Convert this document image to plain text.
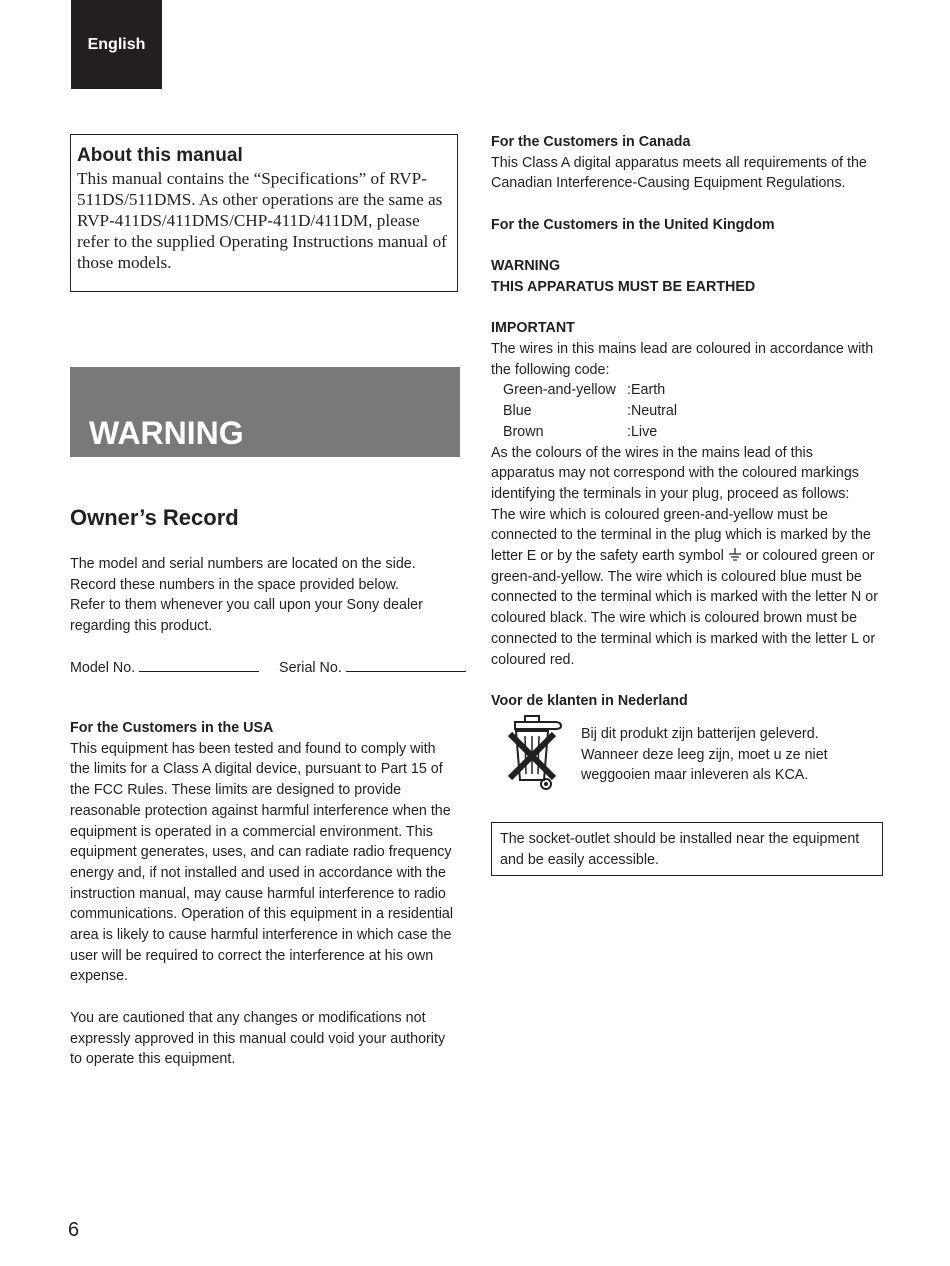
English

About this manual

This manual contains the “Specifications” of RVP-511DS/511DMS. As other operations are the same as RVP-411DS/411DMS/CHP-411D/411DM, please refer to the supplied Operating Instructions manual of those models.

WARNING
Owner’s Record
The model and serial numbers are located on the side.
Record these numbers in the space provided below.
Refer to them whenever you call upon your Sony dealer
regarding this product.
Model No.	Serial No.
For the Customers in the USA
This equipment has been tested and found to comply with
the limits for a Class A digital device, pursuant to Part 15 of
the FCC Rules. These limits are designed to provide
reasonable protection against harmful interference when the
equipment is operated in a commercial environment. This
equipment generates, uses, and can radiate radio frequency
energy and, if not installed and used in accordance with the
instruction manual, may cause harmful interference to radio
communications. Operation of this equipment in a residential
area is likely to cause harmful interference in which case the
user will be required to correct the interference at his own
expense.
You are cautioned that any changes or modifications not
expressly approved in this manual could void your authority
to operate this equipment.
For the Customers in Canada
This Class A digital apparatus meets all requirements of the
Canadian Interference-Causing Equipment Regulations.
For the Customers in the United Kingdom
WARNING
THIS APPARATUS MUST BE EARTHED
IMPORTANT
The wires in this mains lead are coloured in accordance with
the following code:
Green-and-yellow	:Earth
Blue	:Neutral
Brown	:Live
As the colours of the wires in the mains lead of this
apparatus may not correspond with the coloured markings
identifying the terminals in your plug, proceed as follows:
The wire which is coloured green-and-yellow must be
connected to the terminal in the plug which is marked by the
letter E or by the safety earth symbol or coloured green or
green-and-yellow. The wire which is coloured blue must be
connected to the terminal which is marked with the letter N or
coloured black. The wire which is coloured brown must be
connected to the terminal which is marked with the letter L or
coloured red.
Voor de klanten in Nederland
Bij dit produkt zijn batterijen geleverd.
Wanneer deze leeg zijn, moet u ze niet
weggooien maar inleveren als KCA.
The socket-outlet should be installed near the equipment and be easily accessible.
6
